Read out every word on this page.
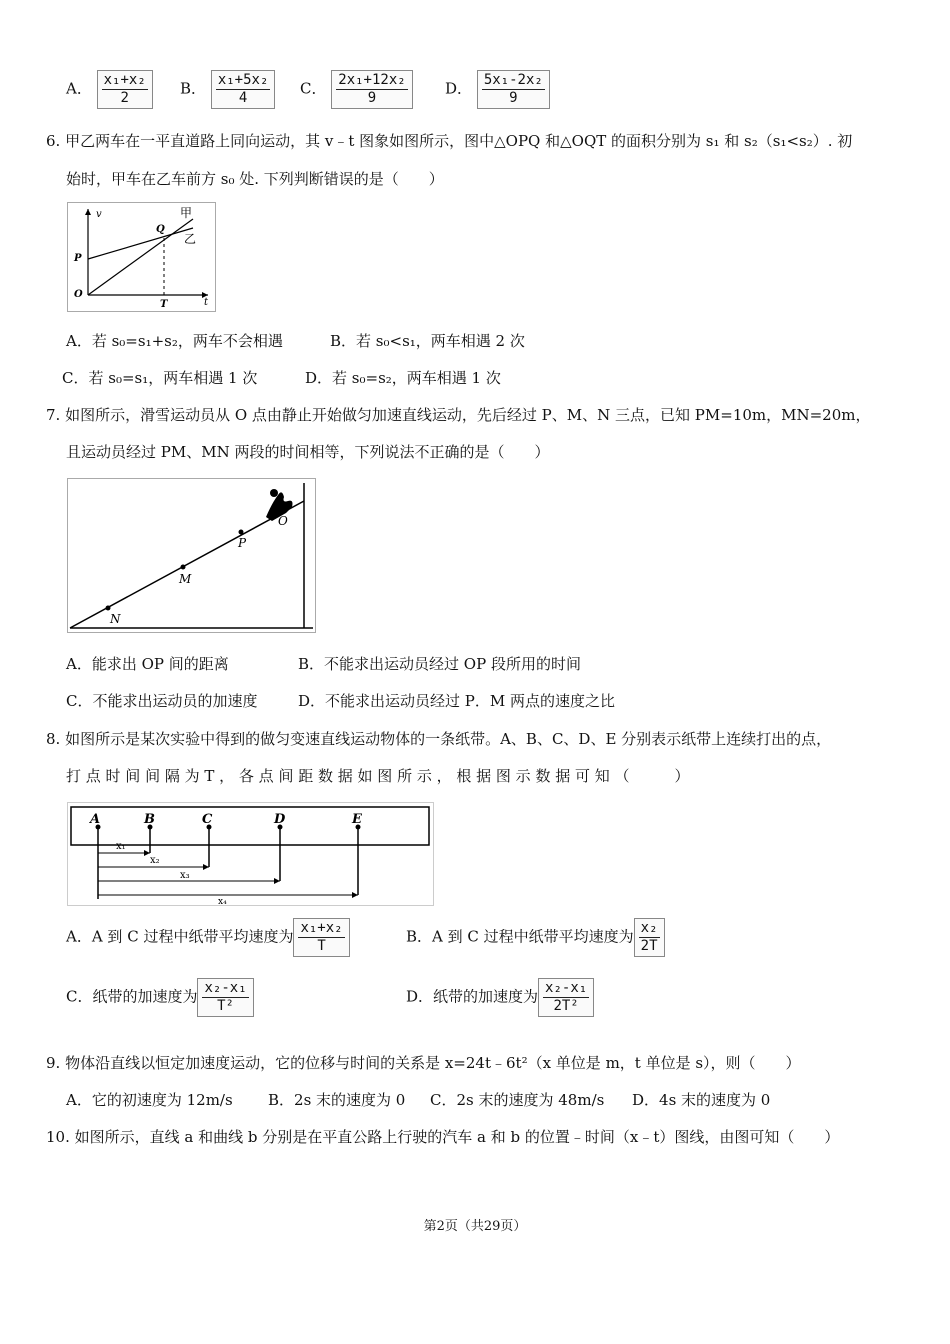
A． $\frac{\text{x₁+x₂}}{2}$ B． $\frac{\text{x₁+5x₂}}{4}$ C． $\frac{\text{2x₁+12x₂}}{9}$ D． $\frac{\text{5x₁-2x₂}}{9}$
6. 甲乙两车在一平直道路上同向运动，其 v﹣t 图象如图所示，图中△OPQ 和△OQT 的面积分别为 s₁ 和 s₂（s₁<s₂）. 初
始时，甲车在乙车前方 s₀ 处. 下列判断错误的是（　　）
v
t
Q
P
O
T
甲
乙
A．若 s₀=s₁+s₂，两车不会相遇	B．若 s₀<s₁，两车相遇 2 次
C．若 s₀=s₁，两车相遇 1 次	D．若 s₀=s₂，两车相遇 1 次
7. 如图所示，滑雪运动员从 O 点由静止开始做匀加速直线运动，先后经过 P、M、N 三点，已知 PM=10m，MN=20m，
且运动员经过 PM、MN 两段的时间相等，下列说法不正确的是（　　）
O
P
M
N
A．能求出 OP 间的距离	B．不能求出运动员经过 OP 段所用的时间
C．不能求出运动员的加速度	D．不能求出运动员经过 P．M 两点的速度之比
8. 如图所示是某次实验中得到的做匀变速直线运动物体的一条纸带。A、B、C、D、E 分别表示纸带上连续打出的点，
打 点 时 间 间 隔 为 T ， 各 点 间 距 数 据 如 图 所 示 ， 根 据 图 示 数 据 可 知 （　　　）
A	B	C	D	E
x₁
x₂
x₃
x₄
A．A 到 C 过程中纸带平均速度为 $\frac{\text{x₁+x₂}}{T}$	B．A 到 C 过程中纸带平均速度为 $\frac{\text{x₂}}{2T}$
C．纸带的加速度为 $\frac{\text{x₂-x₁}}{\text{T²}}$	D．纸带的加速度为 $\frac{\text{x₂-x₁}}{\text{2T²}}$
9. 物体沿直线以恒定加速度运动，它的位移与时间的关系是 x=24t﹣6t²（x 单位是 m，t 单位是 s），则（　　）
A．它的初速度为 12m/s B．2s 末的速度为 0 C．2s 末的速度为 48m/s D．4s 末的速度为 0
10. 如图所示，直线 a 和曲线 b 分别是在平直公路上行驶的汽车 a 和 b 的位置﹣时间（x﹣t）图线，由图可知（　　）
第2页（共29页）
